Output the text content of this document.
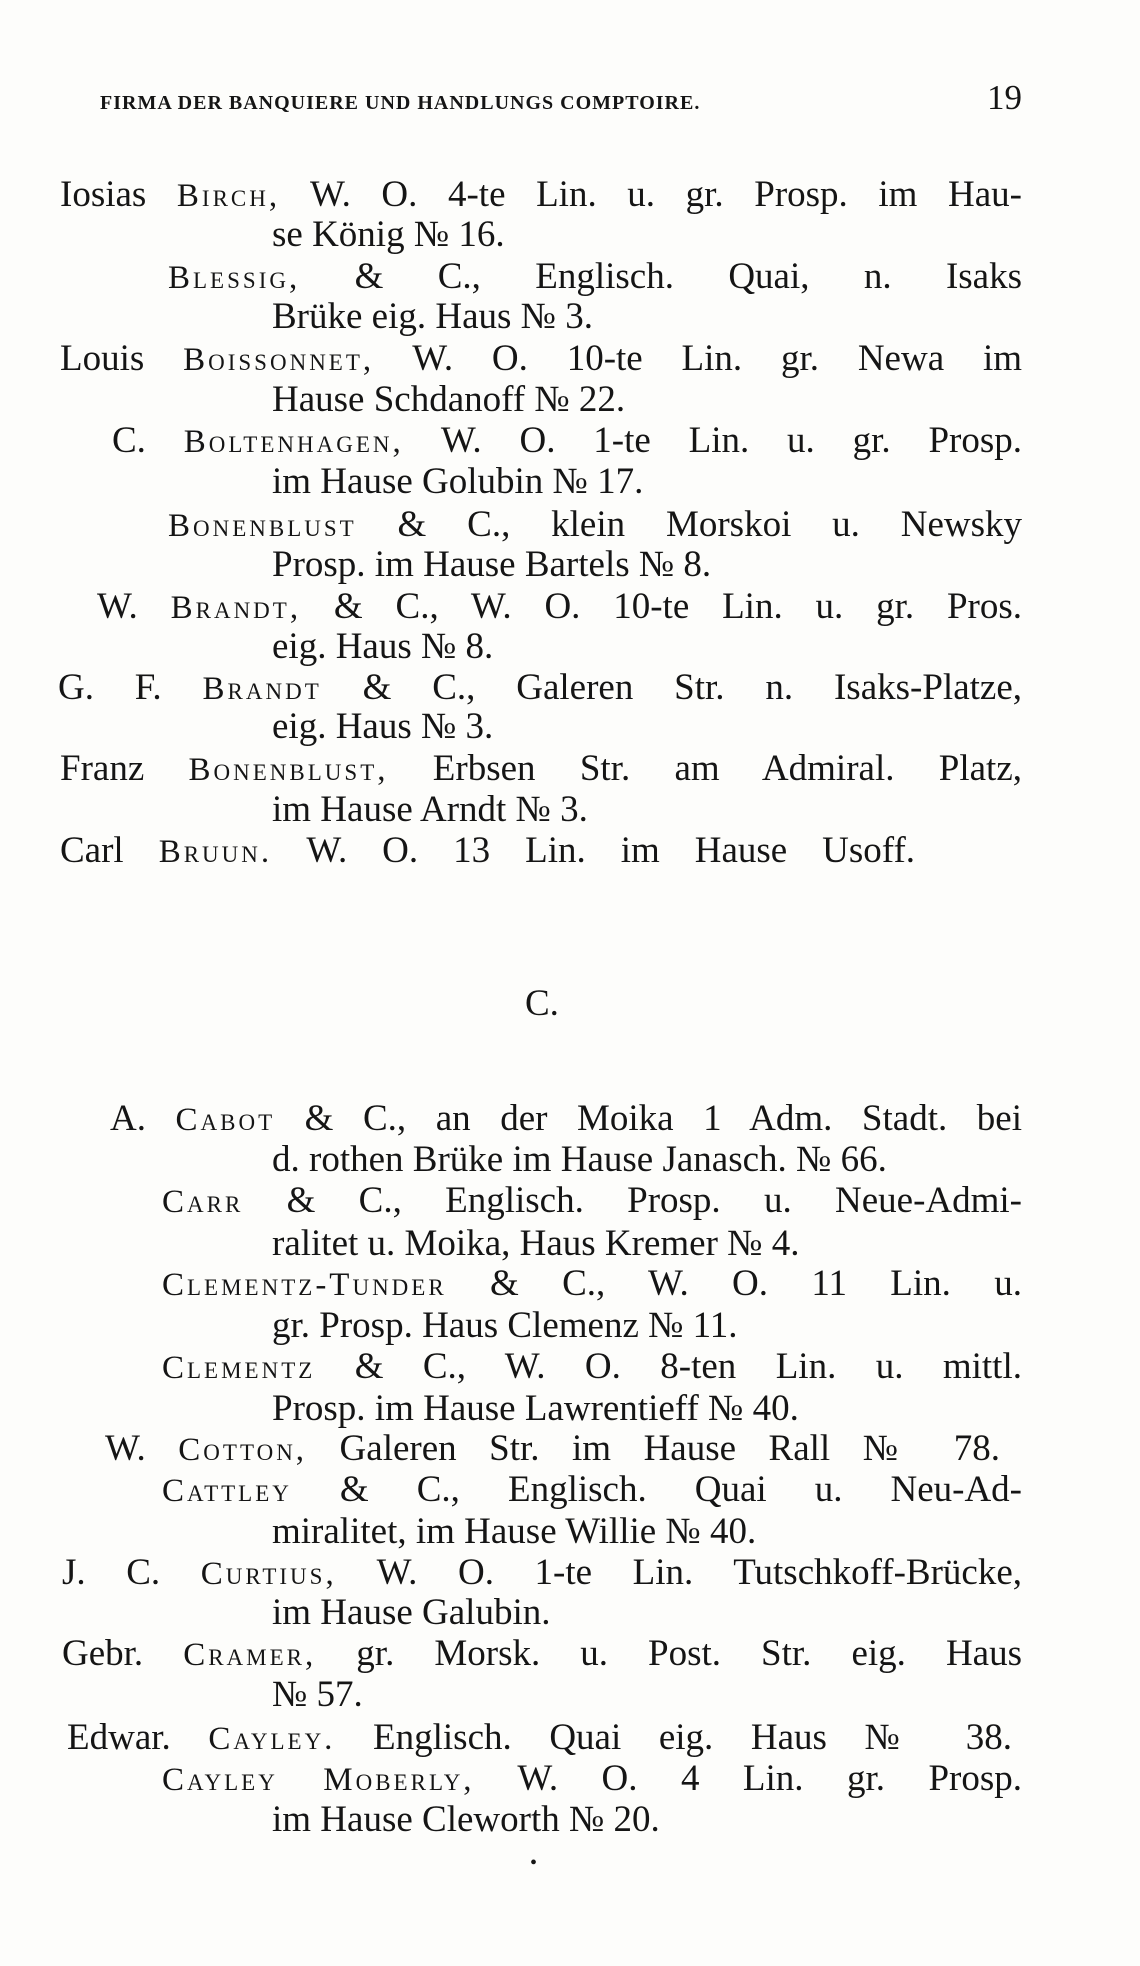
FIRMA DER BANQUIERE UND HANDLUNGS COMPTOIRE.	19
Iosias Birch, W. O. 4-te Lin. u. gr. Prosp. im Hau-
se König № 16.
Blessig, & C., Englisch. Quai, n. Isaks
Brüke eig. Haus № 3.
Louis Boissonnet, W. O. 10-te Lin. gr. Newa im
Hause Schdanoff № 22.
C. Boltenhagen, W. O. 1-te Lin. u. gr. Prosp.
im Hause Golubin № 17.
Bonenblust & C., klein Morskoi u. Newsky
Prosp. im Hause Bartels № 8.
W. Brandt, & C., W. O. 10-te Lin. u. gr. Pros.
eig. Haus № 8.
G. F. Brandt & C., Galeren Str. n. Isaks-Platze,
eig. Haus № 3.
Franz Bonenblust, Erbsen Str. am Admiral. Platz,
im Hause Arndt № 3.
Carl Bruun. W. O. 13 Lin. im Hause Usoff.
C.
A. Cabot & C., an der Moika 1 Adm. Stadt. bei
d. rothen Brüke im Hause Janasch. № 66.
Carr & C., Englisch. Prosp. u. Neue-Admi-
ralitet u. Moika, Haus Kremer № 4.
Clementz-Tunder & C., W. O. 11 Lin. u.
gr. Prosp. Haus Clemenz № 11.
Clementz & C., W. O. 8-ten Lin. u. mittl.
Prosp. im Hause Lawrentieff № 40.
W. Cotton, Galeren Str. im Hause Rall № 78.
Cattley & C., Englisch. Quai u. Neu-Ad-
miralitet, im Hause Willie № 40.
J. C. Curtius, W. O. 1-te Lin. Tutschkoff-Brücke,
im Hause Galubin.
Gebr. Cramer, gr. Morsk. u. Post. Str. eig. Haus
№ 57.
Edwar. Cayley. Englisch. Quai eig. Haus № 38.
Cayley Moberly, W. O. 4 Lin. gr. Prosp.
im Hause Cleworth № 20.
•
